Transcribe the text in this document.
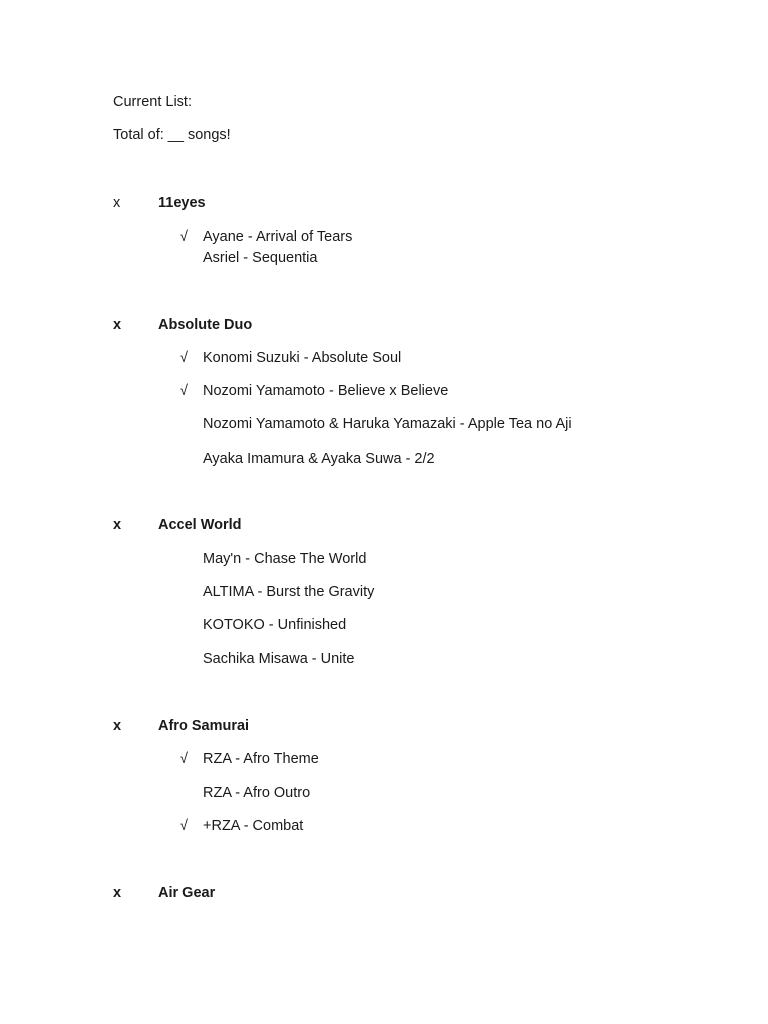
Current List:
Total of: __ songs!
x	11eyes
√ Ayane - Arrival of Tears
Asriel - Sequentia
x	Absolute Duo
√ Konomi Suzuki - Absolute Soul
√ Nozomi Yamamoto - Believe x Believe
Nozomi Yamamoto & Haruka Yamazaki - Apple Tea no Aji
Ayaka Imamura & Ayaka Suwa - 2/2
x	Accel World
May'n - Chase The World
ALTIMA - Burst the Gravity
KOTOKO - Unfinished
Sachika Misawa - Unite
x	Afro Samurai
√ RZA - Afro Theme
RZA - Afro Outro
√ +RZA - Combat
x	Air Gear
